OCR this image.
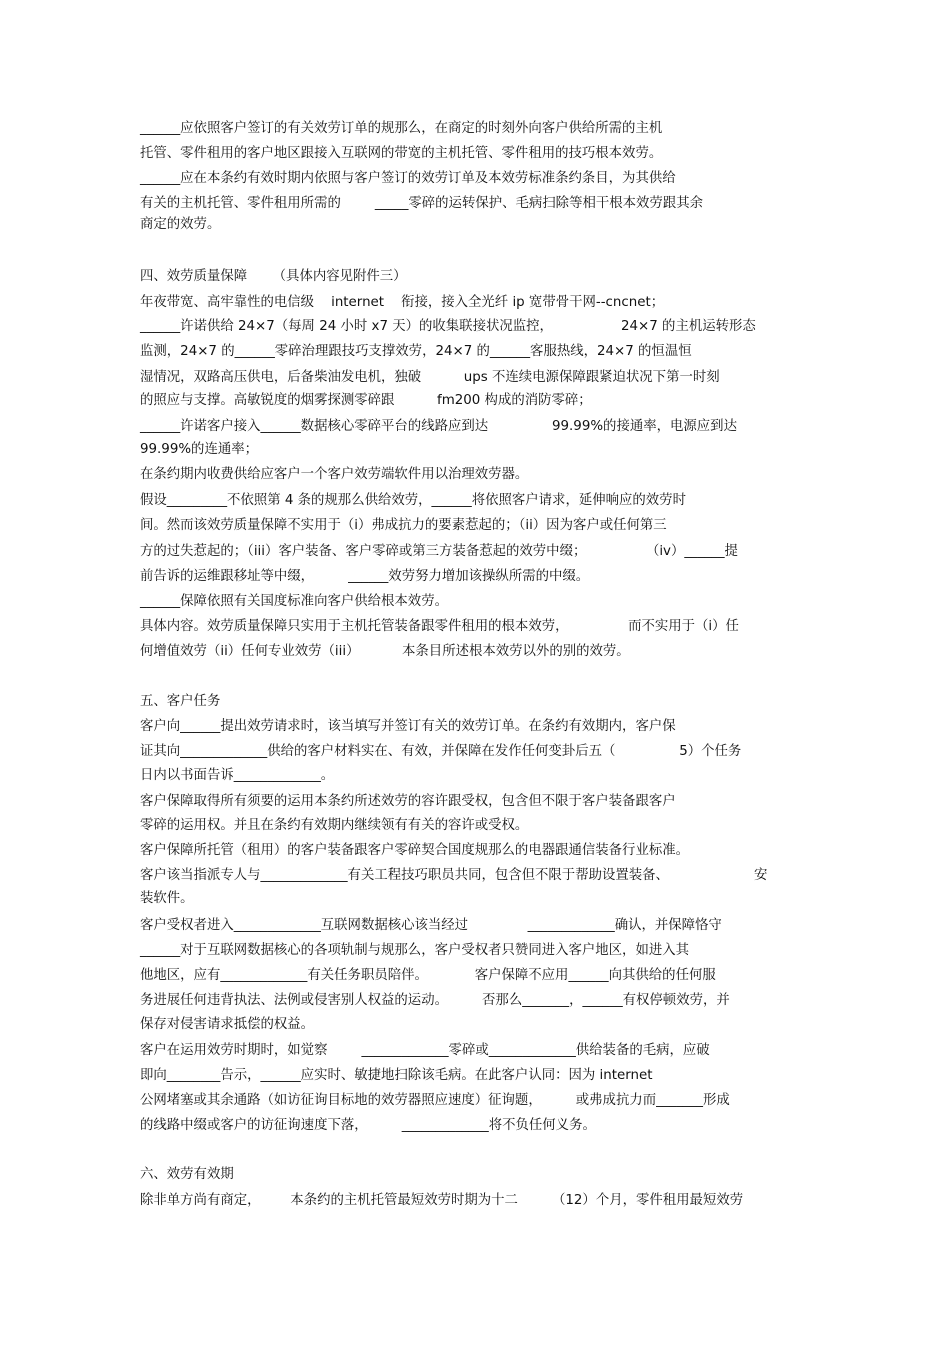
______应依照客户签订的有关效劳订单的规那么，在商定的时刻外向客户供给所需的主机
托管、零件租用的客户地区跟接入互联网的带宽的主机托管、零件租用的技巧根本效劳。
______应在本条约有效时期内依照与客户签订的效劳订单及本效劳标准条约条目，为其供给
有关的主机托管、零件租用所需的        _____零碎的运转保护、毛病扫除等相干根本效劳跟其余
商定的效劳。
四、效劳质量保障      （具体内容见附件三）
年夜带宽、高牢靠性的电信级    internet    衔接，接入全光纤 ip 宽带骨干网--cncnet；
______许诺供给 24×7（每周 24 小时 x7 天）的收集联接状况监控，                24×7 的主机运转形态
监测，24×7 的______零碎治理跟技巧支撑效劳，24×7 的______客服热线，24×7 的恒温恒
湿情况，双路高压供电，后备柴油发电机，独破          ups 不连续电源保障跟紧迫状况下第一时刻
的照应与支撑。高敏锐度的烟雾探测零碎跟          fm200 构成的消防零碎；
______许诺客户接入______数据核心零碎平台的线路应到达               99.99%的接通率，电源应到达
99.99%的连通率；
在条约期内收费供给应客户一个客户效劳端软件用以治理效劳器。
假设_________不依照第 4 条的规那么供给效劳，______将依照客户请求，延伸响应的效劳时
间。然而该效劳质量保障不实用于（i）弗成抗力的要素惹起的；（ii）因为客户或任何第三
方的过失惹起的；（iii）客户装备、客户零碎或第三方装备惹起的效劳中缀；              （iv）______提
前告诉的运维跟移址等中缀，        ______效劳努力增加该操纵所需的中缀。
______保障依照有关国度标准向客户供给根本效劳。
具体内容。效劳质量保障只实用于主机托管装备跟零件租用的根本效劳，              而不实用于（i）任
何增值效劳（ii）任何专业效劳（iii）          本条目所述根本效劳以外的别的效劳。
五、客户任务
客户向______提出效劳请求时，该当填写并签订有关的效劳订单。在条约有效期内，客户保
证其向_____________供给的客户材料实在、有效，并保障在发作任何变卦后五（               5）个任务
日内以书面告诉_____________。
客户保障取得所有须要的运用本条约所述效劳的容许跟受权，包含但不限于客户装备跟客户
零碎的运用权。并且在条约有效期内继续领有有关的容许或受权。
客户保障所托管（租用）的客户装备跟客户零碎契合国度规那么的电器跟通信装备行业标准。
客户该当指派专人与_____________有关工程技巧职员共同，包含但不限于帮助设置装备、                    安
装软件。
客户受权者进入_____________互联网数据核心该当经过              _____________确认，并保障恪守
______对于互联网数据核心的各项轨制与规那么，客户受权者只赞同进入客户地区，如进入其
他地区，应有_____________有关任务职员陪伴。           客户保障不应用______向其供给的任何服
务进展任何违背执法、法例或侵害别人权益的运动。        否那么_______，______有权停顿效劳，并
保存对侵害请求抵偿的权益。
客户在运用效劳时期时，如觉察        _____________零碎或_____________供给装备的毛病，应破
即向________告示，______应实时、敏捷地扫除该毛病。在此客户认同：因为 internet
公网堵塞或其余通路（如访征询目标地的效劳器照应速度）征询题，        或弗成抗力而_______形成
的线路中缀或客户的访征询速度下落，        _____________将不负任何义务。
六、效劳有效期
除非单方尚有商定，       本条约的主机托管最短效劳时期为十二        （12）个月，零件租用最短效劳
